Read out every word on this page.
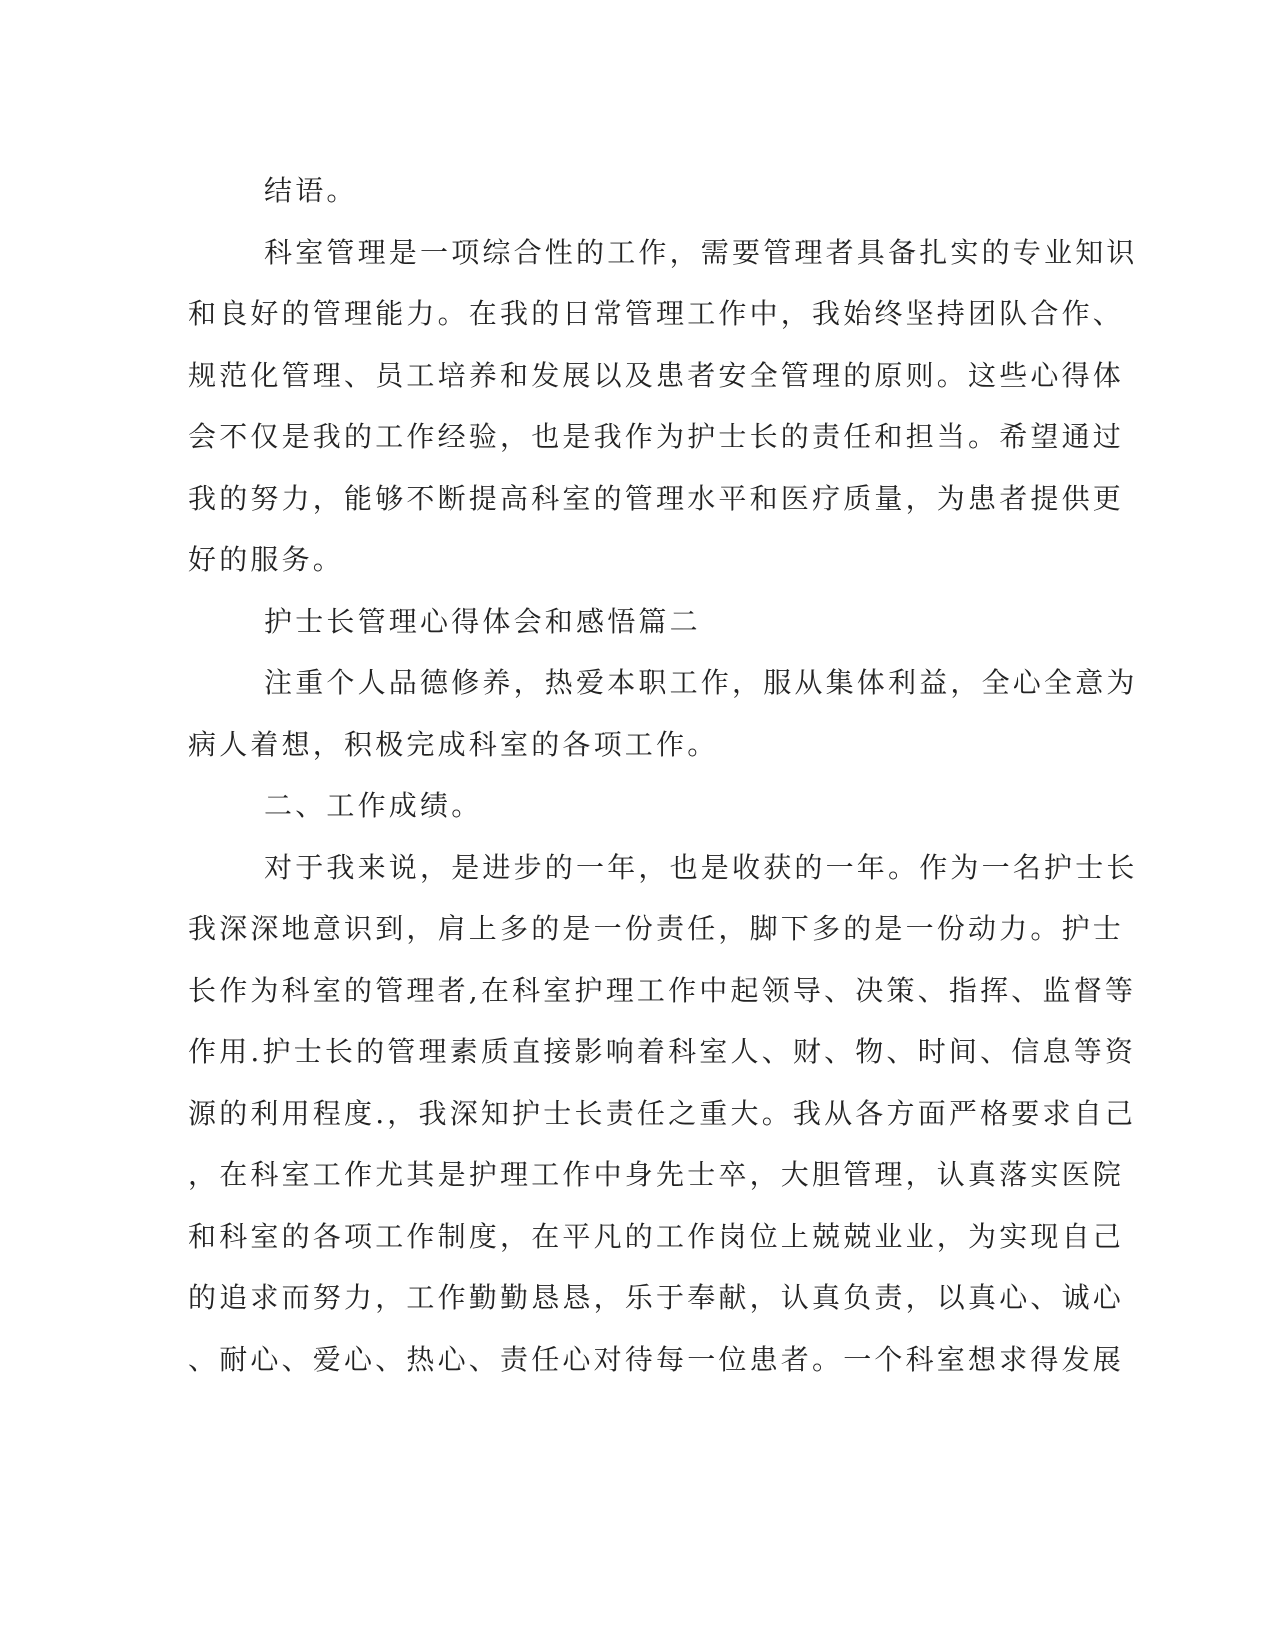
结语。

科室管理是一项综合性的工作，需要管理者具备扎实的专业知识

和良好的管理能力。在我的日常管理工作中，我始终坚持团队合作、

规范化管理、员工培养和发展以及患者安全管理的原则。这些心得体

会不仅是我的工作经验，也是我作为护士长的责任和担当。希望通过

我的努力，能够不断提高科室的管理水平和医疗质量，为患者提供更

好的服务。

护士长管理心得体会和感悟篇二

注重个人品德修养，热爱本职工作，服从集体利益，全心全意为

病人着想，积极完成科室的各项工作。

二、工作成绩。

对于我来说，是进步的一年，也是收获的一年。作为一名护士长

我深深地意识到，肩上多的是一份责任，脚下多的是一份动力。护士

长作为科室的管理者,在科室护理工作中起领导、决策、指挥、监督等

作用.护士长的管理素质直接影响着科室人、财、物、时间、信息等资

源的利用程度.，我深知护士长责任之重大。我从各方面严格要求自己

，在科室工作尤其是护理工作中身先士卒，大胆管理，认真落实医院

和科室的各项工作制度，在平凡的工作岗位上兢兢业业，为实现自己

的追求而努力，工作勤勤恳恳，乐于奉献，认真负责，以真心、诚心

、耐心、爱心、热心、责任心对待每一位患者。一个科室想求得发展
